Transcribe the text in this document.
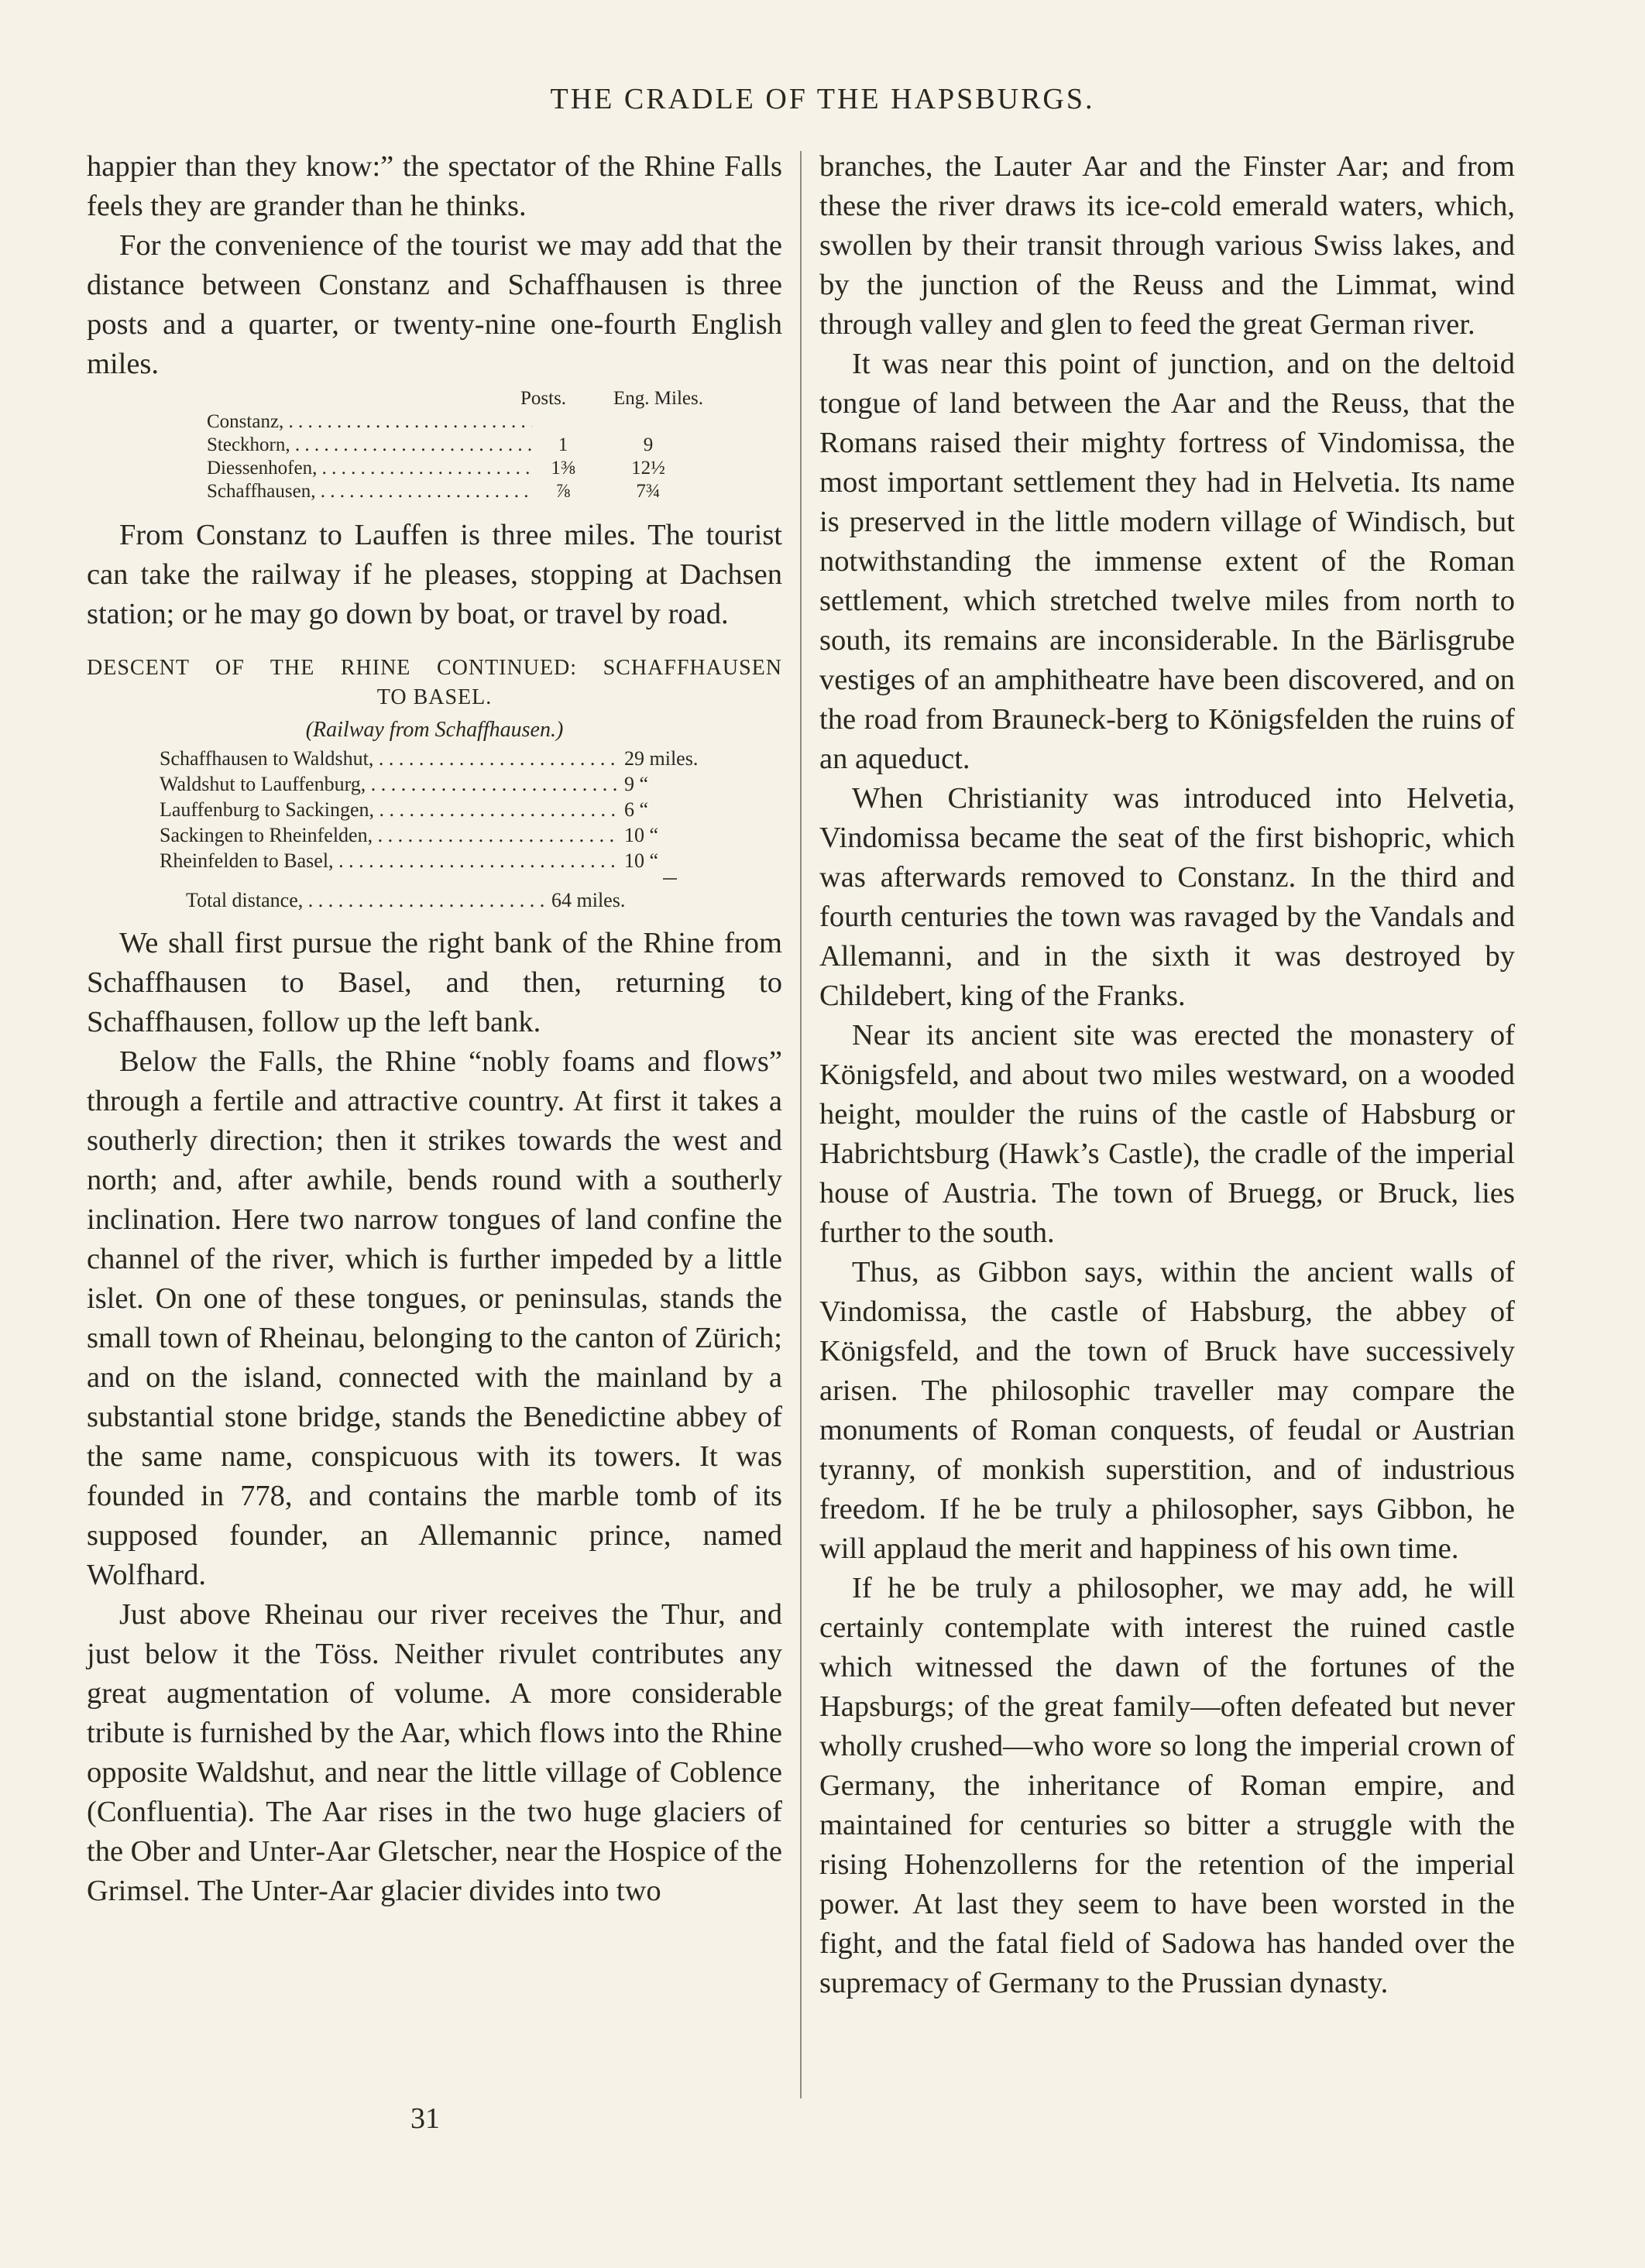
THE CRADLE OF THE HAPSBURGS.

happier than they know:” the spectator of the Rhine Falls feels they are grander than he thinks.

For the convenience of the tourist we may add that the distance between Constanz and Schaffhausen is three posts and a quarter, or twenty-nine one-fourth English miles.

Posts.	Eng. Miles.
Constanz, . . .
Steckhorn, . . .	1	9
Diessenhofen, . . .	1⅜	12½
Schaffhausen, . . .	⅞	7¾

From Constanz to Lauffen is three miles. The tourist can take the railway if he pleases, stopping at Dachsen station; or he may go down by boat, or travel by road.

DESCENT OF THE RHINE CONTINUED: SCHAFFHAUSEN
TO BASEL.
(Railway from Schaffhausen.)
Schaffhausen to Waldshut, . . .	29 miles.
Waldshut to Lauffenburg, . . .	9 “
Lauffenburg to Sackingen, . . .	6 “
Sackingen to Rheinfelden, . . .	10 “
Rheinfelden to Basel, . . .	10 “
Total distance, . . .	64 miles.

We shall first pursue the right bank of the Rhine from Schaffhausen to Basel, and then, returning to Schaffhausen, follow up the left bank.

Below the Falls, the Rhine “nobly foams and flows” through a fertile and attractive country. At first it takes a southerly direction; then it strikes towards the west and north; and, after awhile, bends round with a southerly inclination. Here two narrow tongues of land confine the channel of the river, which is further impeded by a little islet. On one of these tongues, or peninsulas, stands the small town of Rheinau, belonging to the canton of Zürich; and on the island, connected with the mainland by a substantial stone bridge, stands the Benedictine abbey of the same name, conspicuous with its towers. It was founded in 778, and contains the marble tomb of its supposed founder, an Allemannic prince, named Wolfhard.

Just above Rheinau our river receives the Thur, and just below it the Töss. Neither rivulet contributes any great augmentation of volume. A more considerable tribute is furnished by the Aar, which flows into the Rhine opposite Waldshut, and near the little village of Coblence (Confluentia). The Aar rises in the two huge glaciers of the Ober and Unter-Aar Gletscher, near the Hospice of the Grimsel. The Unter-Aar glacier divides into two

branches, the Lauter Aar and the Finster Aar; and from these the river draws its ice-cold emerald waters, which, swollen by their transit through various Swiss lakes, and by the junction of the Reuss and the Limmat, wind through valley and glen to feed the great German river.

It was near this point of junction, and on the deltoid tongue of land between the Aar and the Reuss, that the Romans raised their mighty fortress of Vindomissa, the most important settlement they had in Helvetia. Its name is preserved in the little modern village of Windisch, but notwithstanding the immense extent of the Roman settlement, which stretched twelve miles from north to south, its remains are inconsiderable. In the Bärlisgrube vestiges of an amphitheatre have been discovered, and on the road from Brauneck-berg to Königsfelden the ruins of an aqueduct.

When Christianity was introduced into Helvetia, Vindomissa became the seat of the first bishopric, which was afterwards removed to Constanz. In the third and fourth centuries the town was ravaged by the Vandals and Allemanni, and in the sixth it was destroyed by Childebert, king of the Franks.

Near its ancient site was erected the monastery of Königsfeld, and about two miles westward, on a wooded height, moulder the ruins of the castle of Habsburg or Habrichtsburg (Hawk’s Castle), the cradle of the imperial house of Austria. The town of Bruegg, or Bruck, lies further to the south.

Thus, as Gibbon says, within the ancient walls of Vindomissa, the castle of Habsburg, the abbey of Königsfeld, and the town of Bruck have successively arisen. The philosophic traveller may compare the monuments of Roman conquests, of feudal or Austrian tyranny, of monkish superstition, and of industrious freedom. If he be truly a philosopher, says Gibbon, he will applaud the merit and happiness of his own time.

If he be truly a philosopher, we may add, he will certainly contemplate with interest the ruined castle which witnessed the dawn of the fortunes of the Hapsburgs; of the great family—often defeated but never wholly crushed—who wore so long the imperial crown of Germany, the inheritance of Roman empire, and maintained for centuries so bitter a struggle with the rising Hohenzollerns for the retention of the imperial power. At last they seem to have been worsted in the fight, and the fatal field of Sadowa has handed over the supremacy of Germany to the Prussian dynasty.

31
